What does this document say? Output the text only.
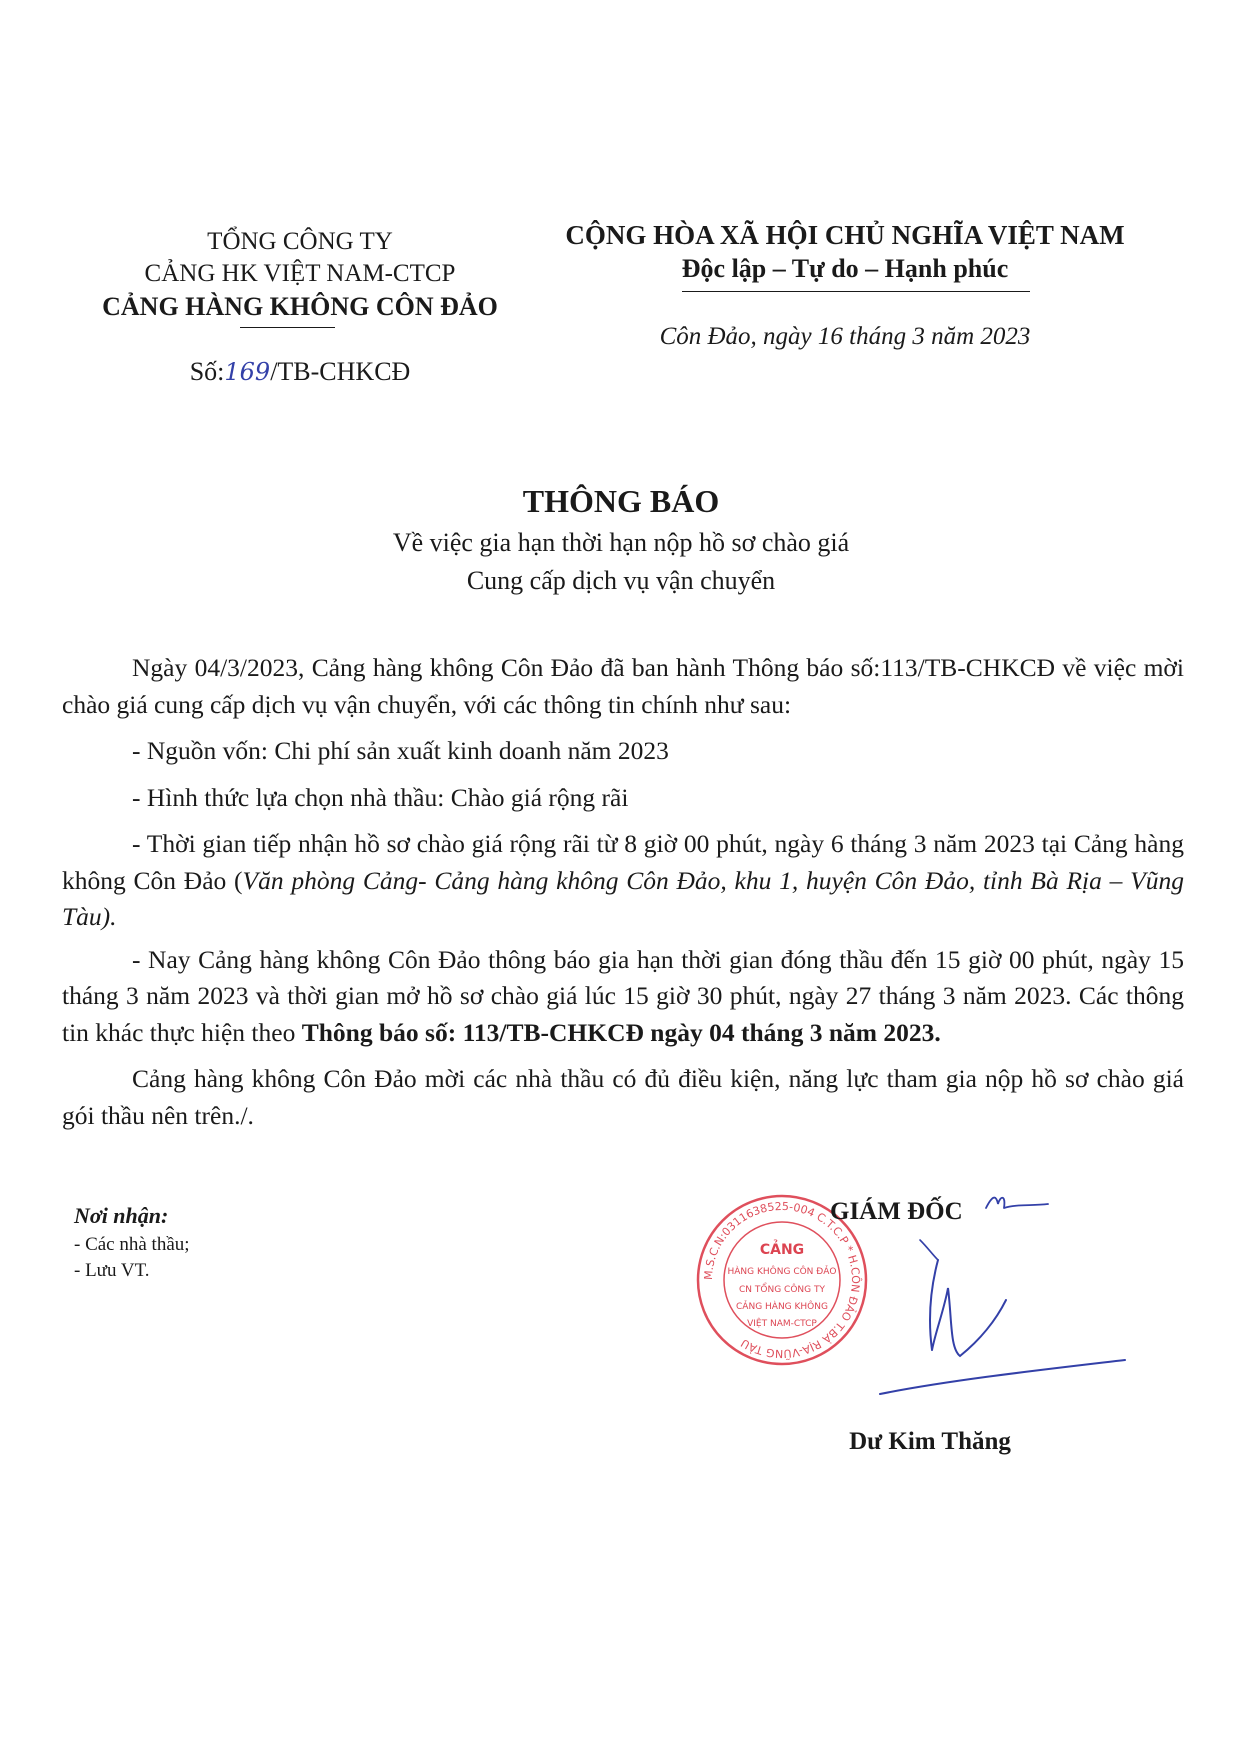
TỔNG CÔNG TY
CẢNG HK VIỆT NAM-CTCP
CẢNG HÀNG KHÔNG CÔN ĐẢO
Số:169/TB-CHKCĐ
CỘNG HÒA XÃ HỘI CHỦ NGHĨA VIỆT NAM
Độc lập – Tự do – Hạnh phúc
Côn Đảo, ngày 16 tháng 3 năm 2023
THÔNG BÁO
Về việc gia hạn thời hạn nộp hồ sơ chào giá
Cung cấp dịch vụ vận chuyển

Ngày 04/3/2023, Cảng hàng không Côn Đảo đã ban hành Thông báo số:113/TB-CHKCĐ về việc mời chào giá cung cấp dịch vụ vận chuyển, với các thông tin chính như sau:

- Nguồn vốn: Chi phí sản xuất kinh doanh năm 2023

- Hình thức lựa chọn nhà thầu: Chào giá rộng rãi

- Thời gian tiếp nhận hồ sơ chào giá rộng rãi từ 8 giờ 00 phút, ngày 6 tháng 3 năm 2023 tại Cảng hàng không Côn Đảo (Văn phòng Cảng- Cảng hàng không Côn Đảo, khu 1, huyện Côn Đảo, tỉnh Bà Rịa – Vũng Tàu).

- Nay Cảng hàng không Côn Đảo thông báo gia hạn thời gian đóng thầu đến 15 giờ 00 phút, ngày 15 tháng 3 năm 2023 và thời gian mở hồ sơ chào giá lúc 15 giờ 30 phút, ngày 27 tháng 3 năm 2023. Các thông tin khác thực hiện theo Thông báo số: 113/TB-CHKCĐ ngày 04 tháng 3 năm 2023.

Cảng hàng không Côn Đảo mời các nhà thầu có đủ điều kiện, năng lực tham gia nộp hồ sơ chào giá gói thầu nên trên./.

Nơi nhận:
- Các nhà thầu;
- Lưu VT.	M.S.C.N:0311638525-004 C.T.C.P * H.CÔN ĐẢO T.BÀ RỊA-VŨNG TÀU
CẢNG
HÀNG KHÔNG CÔN ĐẢO
CN TỔNG CÔNG TY
CẢNG HÀNG KHÔNG
VIỆT NAM-CTCP
GIÁM ĐỐC
Dư Kim Thăng
